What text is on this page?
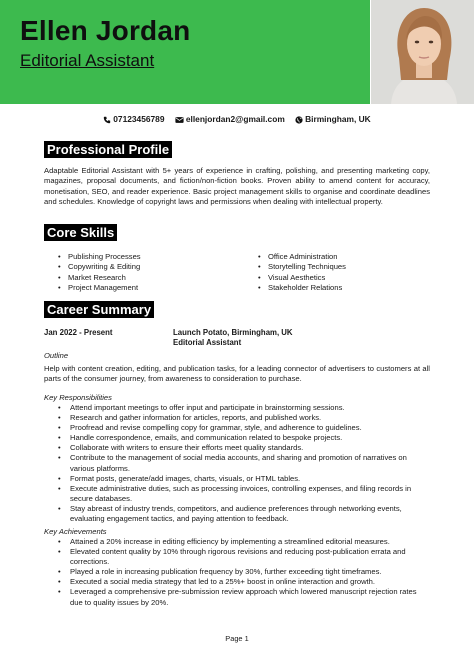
Ellen Jordan
Editorial Assistant
07123456789	ellenjordan2@gmail.com Birmingham, UK
Professional Profile
Adaptable Editorial Assistant with 5+ years of experience in crafting, polishing, and presenting marketing copy, magazines, proposal documents, and fiction/non-fiction books. Proven ability to amend content for accuracy, monetisation, SEO, and reader experience. Basic project management skills to organise and coordinate deadlines and schedules. Knowledge of copyright laws and permissions when dealing with intellectual property.
Core Skills
• Publishing Processes
• Copywriting & Editing
• Market Research
• Project Management
• Office Administration
• Storytelling Techniques
• Visual Aesthetics
• Stakeholder Relations
Career Summary
Jan 2022 - Present	Launch Potato, Birmingham, UK
Editorial Assistant
Outline
Help with content creation, editing, and publication tasks, for a leading connector of advertisers to customers at all parts of the consumer journey, from awareness to consideration to purchase.
Key Responsibilities
• Attend important meetings to offer input and participate in brainstorming sessions.
• Research and gather information for articles, reports, and published works.
• Proofread and revise compelling copy for grammar, style, and adherence to guidelines.
• Handle correspondence, emails, and communication related to bespoke projects.
• Collaborate with writers to ensure their efforts meet quality standards.
• Contribute to the management of social media accounts, and sharing and promotion of narratives on various platforms.
• Format posts, generate/add images, charts, visuals, or HTML tables.
• Execute administrative duties, such as processing invoices, controlling expenses, and filing records in secure databases.
• Stay abreast of industry trends, competitors, and audience preferences through networking events, evaluating engagement tactics, and paying attention to feedback.
Key Achievements
• Attained a 20% increase in editing efficiency by implementing a streamlined editorial measures.
• Elevated content quality by 10% through rigorous revisions and reducing post-publication errata and corrections.
• Played a role in increasing publication frequency by 30%, further exceeding tight timeframes.
• Executed a social media strategy that led to a 25%+ boost in online interaction and growth.
• Leveraged a comprehensive pre-submission review approach which lowered manuscript rejection rates due to quality issues by 20%.
Page 1
